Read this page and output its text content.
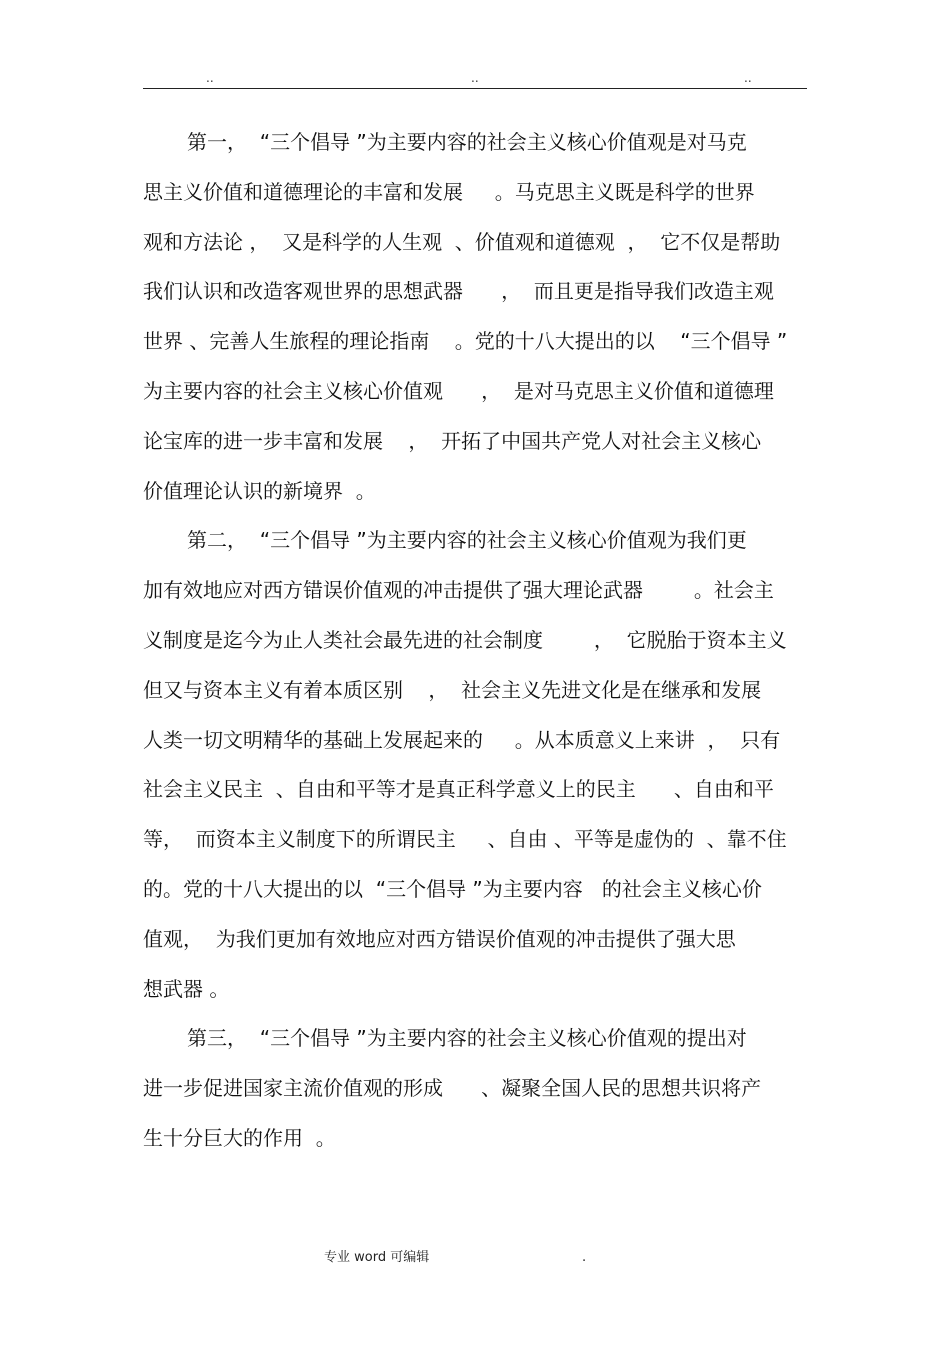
..	..	..
第一，  “三个倡导 ”为主要内容的社会主义核心价值观是对马克
思主义价值和道德理论的丰富和发展     。马克思主义既是科学的世界
观和方法论 ，  又是科学的人生观  、价值观和道德观  ，  它不仅是帮助
我们认识和改造客观世界的思想武器      ，  而且更是指导我们改造主观
世界 、完善人生旅程的理论指南    。党的十八大提出的以    “三个倡导 ”
为主要内容的社会主义核心价值观      ，  是对马克思主义价值和道德理
论宝库的进一步丰富和发展    ，  开拓了中国共产党人对社会主义核心
价值理论认识的新境界  。
第二，  “三个倡导 ”为主要内容的社会主义核心价值观为我们更
加有效地应对西方错误价值观的冲击提供了强大理论武器        。社会主
义制度是迄今为止人类社会最先进的社会制度        ，  它脱胎于资本主义
但又与资本主义有着本质区别    ，  社会主义先进文化是在继承和发展
人类一切文明精华的基础上发展起来的     。从本质意义上来讲  ，  只有
社会主义民主  、自由和平等才是真正科学意义上的民主      、自由和平
等，  而资本主义制度下的所谓民主     、自由 、平等是虚伪的  、靠不住
的。党的十八大提出的以  “三个倡导 ”为主要内容   的社会主义核心价
值观，  为我们更加有效地应对西方错误价值观的冲击提供了强大思
想武器 。
第三，  “三个倡导 ”为主要内容的社会主义核心价值观的提出对
进一步促进国家主流价值观的形成      、凝聚全国人民的思想共识将产
生十分巨大的作用  。
专业 word 可编辑	.
